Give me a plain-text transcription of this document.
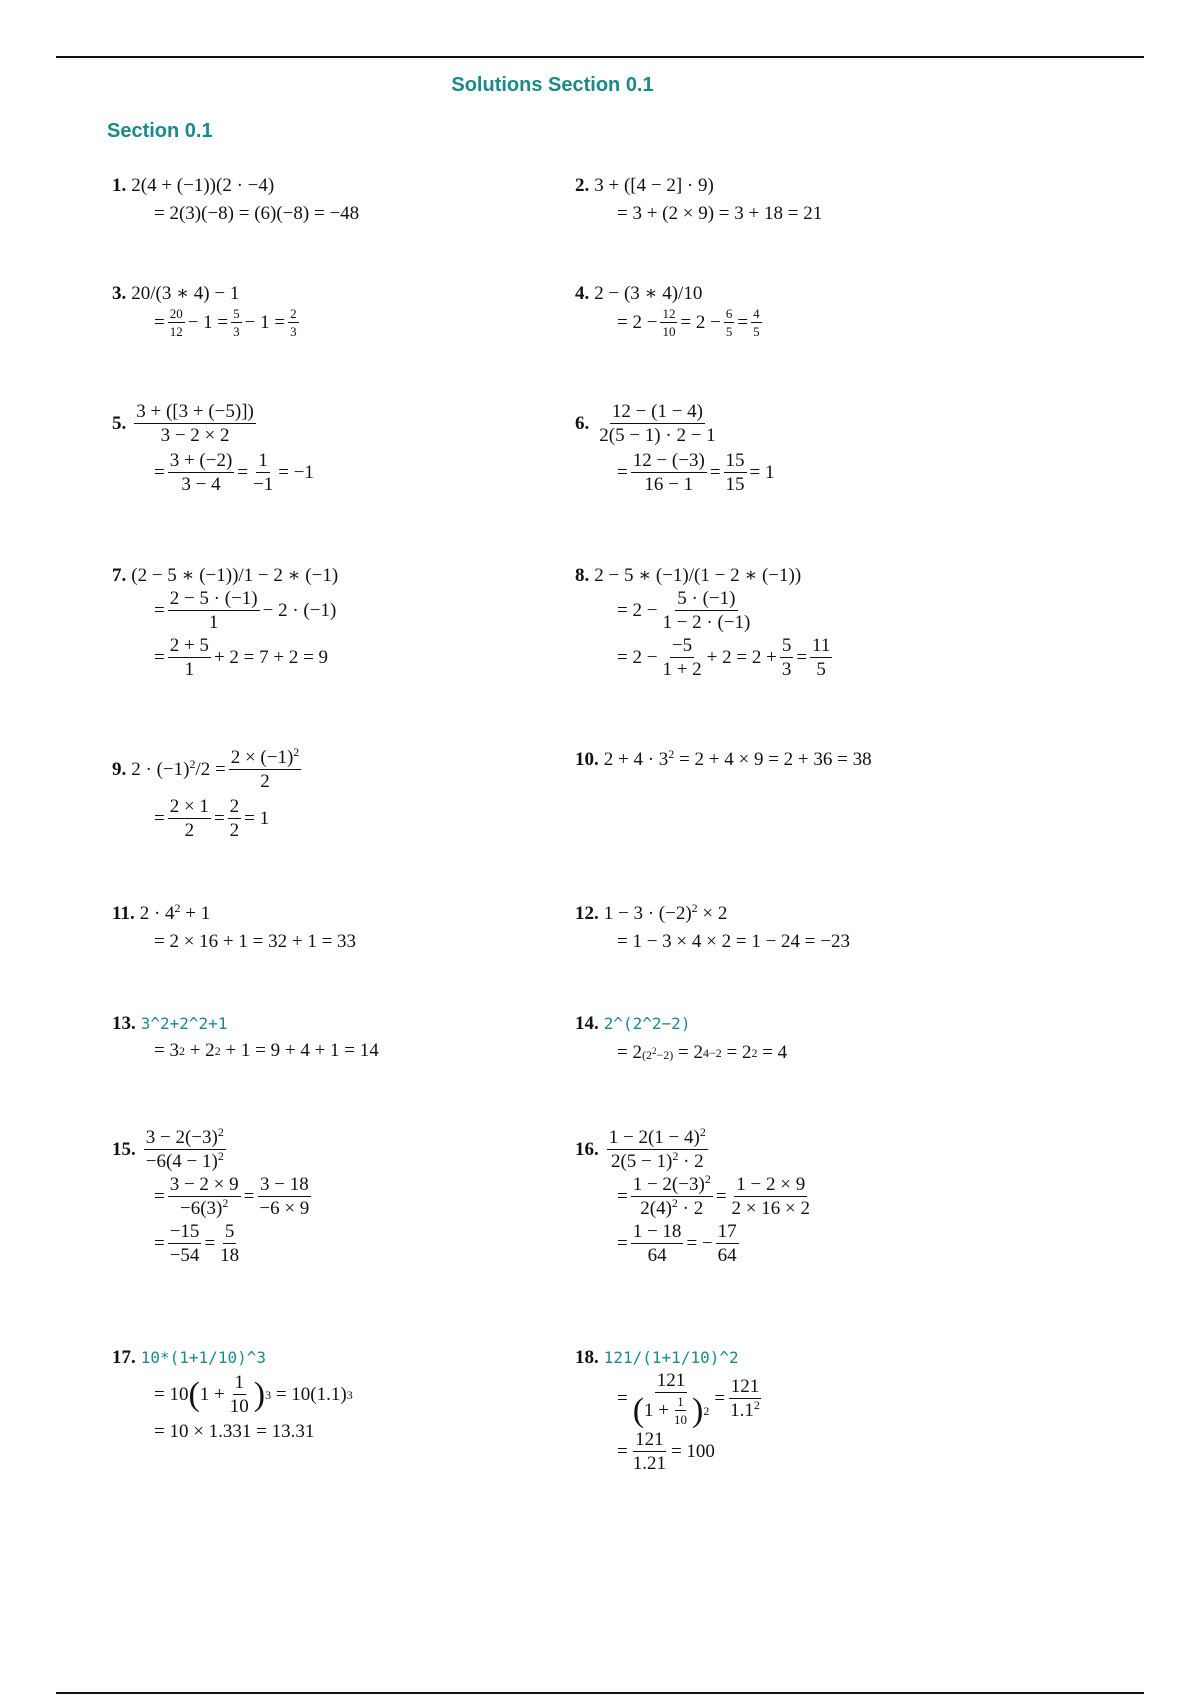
Solutions Section 0.1
Section 0.1
1. 2(4 + (−1))(2 · −4)
= 2(3)(−8) = (6)(−8) = −48
2. 3 + ([4 − 2] · 9)
= 3 + (2 × 9) = 3 + 18 = 21
3. 20/(3 ∗ 4) − 1
= $\frac{20}{12} - 1 = \frac{5}{3} - 1 = \frac{2}{3}$
4. 2 − (3 ∗ 4)/10
= $2 - \frac{12}{10} = 2 - \frac{6}{5} = \frac{4}{5}$
5. $\frac{3 + ([3 + (-5)])}{3 - 2 \times 2}$
= $\frac{3 + (-2)}{3 - 4} = \frac{1}{-1} = -1$
6. $\frac{12 - (1 - 4)}{2(5 - 1) \cdot 2 - 1}$
= $\frac{12 - (-3)}{16 - 1} = \frac{15}{15} = 1$
7. (2 − 5 ∗ (−1))/1 − 2 ∗ (−1)
= $\frac{2 - 5 \cdot (-1)}{1} - 2 \cdot (-1)$
= $\frac{2 + 5}{1} + 2 = 7 + 2 = 9$
8. 2 − 5 ∗ (−1)/(1 − 2 ∗ (−1))
= $2 - \frac{5 \cdot (-1)}{1 - 2 \cdot (-1)}$
= $2 - \frac{-5}{1 + 2} + 2 = 2 + \frac{5}{3} = \frac{11}{5}$
9. $2 \cdot (-1)^2/2 = \frac{2 \times (-1)^2}{2}$
= $\frac{2 \times 1}{2} = \frac{2}{2} = 1$
10. $2 + 4 \cdot 3^2 = 2 + 4 \times 9 = 2 + 36 = 38$
11. $2 \cdot 4^2 + 1$
= 2 × 16 + 1 = 32 + 1 = 33
12. $1 - 3 \cdot (-2)^2 \times 2$
= 1 − 3 × 4 × 2 = 1 − 24 = −23
13. 3^2+2^2+1
= 3 2
+ 2 2
+ 1 = 9 + 4 + 1 = 14
14. 2^(2^2−2)
= 2 $(2^2-2)$
= 2 4−2
= 2 2
= 4
15. $\frac{3 - 2(-3)^2}{-6(4 - 1)^2}$
= $\frac{3 - 2 \times 9}{-6(3)^2} = \frac{3 - 18}{-6 \times 9}$
= $\frac{-15}{-54} = \frac{5}{18}$
16. $\frac{1 - 2(1 - 4)^2}{2(5 - 1)^2 \cdot 2}$
= $\frac{1 - 2(-3)^2}{2(4)^2 \cdot 2} = \frac{1 - 2 \times 9}{2 \times 16 \times 2}$
= $\frac{1 - 18}{64}$ = − $\frac{17}{64}$
17. 10*(1+1/10)^3
= 10 ( $1 + \frac{1}{10}$ ) 3
= 10(1.1) 3
= 10 × 1.331 = 13.31
18. 121/(1+1/10)^2
= $\frac{121}{( 1 + \frac{1}{10} ) 2} = \frac{121}{1.1^2}$
= $\frac{121}{1.21} = 100$
